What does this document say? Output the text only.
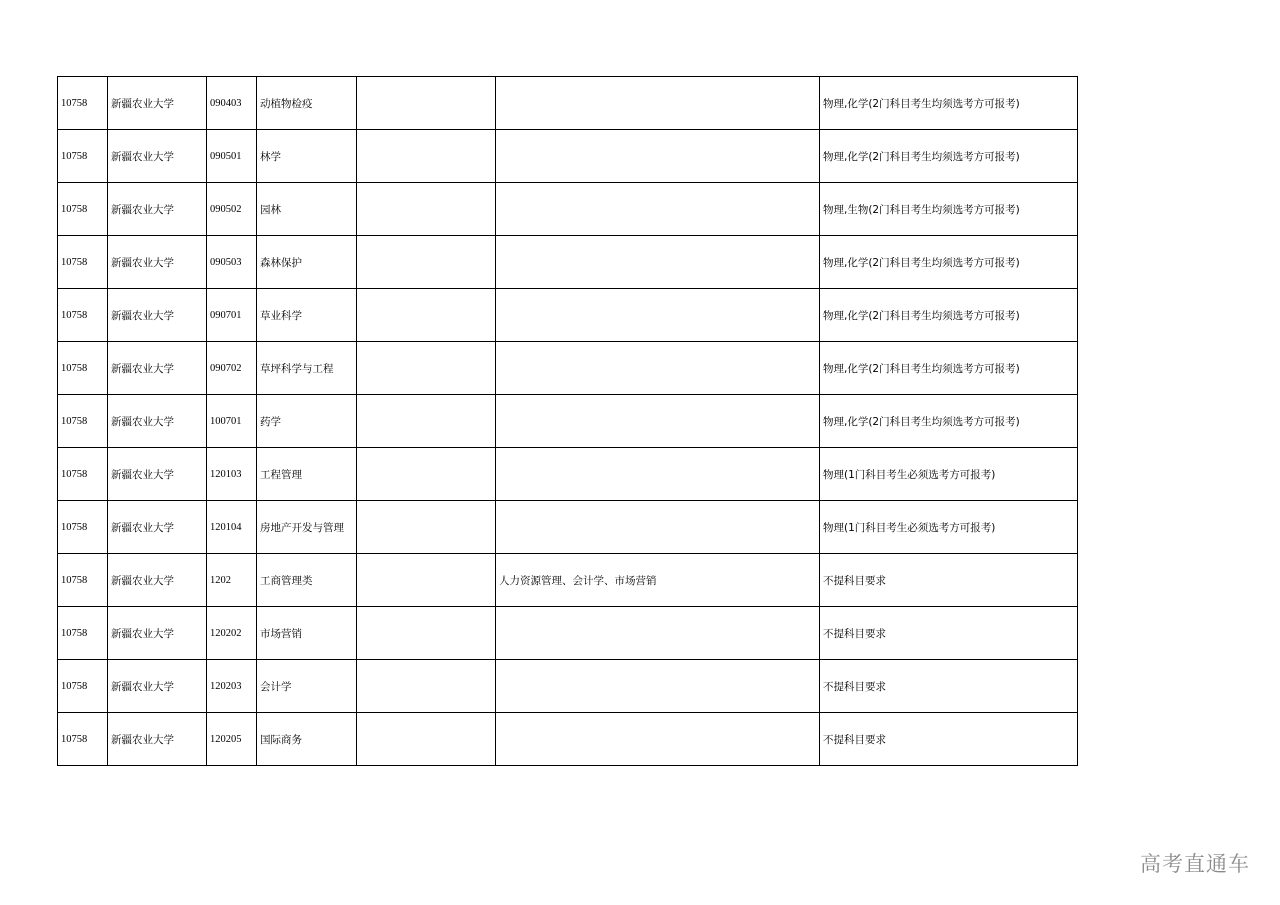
10758	新疆农业大学	090403	动植物检疫			物理,化学(2门科目考生均须选考方可报考)
10758	新疆农业大学	090501	林学			物理,化学(2门科目考生均须选考方可报考)
10758	新疆农业大学	090502	园林			物理,生物(2门科目考生均须选考方可报考)
10758	新疆农业大学	090503	森林保护			物理,化学(2门科目考生均须选考方可报考)
10758	新疆农业大学	090701	草业科学			物理,化学(2门科目考生均须选考方可报考)
10758	新疆农业大学	090702	草坪科学与工程			物理,化学(2门科目考生均须选考方可报考)
10758	新疆农业大学	100701	药学			物理,化学(2门科目考生均须选考方可报考)
10758	新疆农业大学	120103	工程管理			物理(1门科目考生必须选考方可报考)
10758	新疆农业大学	120104	房地产开发与管理			物理(1门科目考生必须选考方可报考)
10758	新疆农业大学	1202	工商管理类		人力资源管理、会计学、市场营销	不提科目要求
10758	新疆农业大学	120202	市场营销			不提科目要求
10758	新疆农业大学	120203	会计学			不提科目要求
10758	新疆农业大学	120205	国际商务			不提科目要求
高考直通车
